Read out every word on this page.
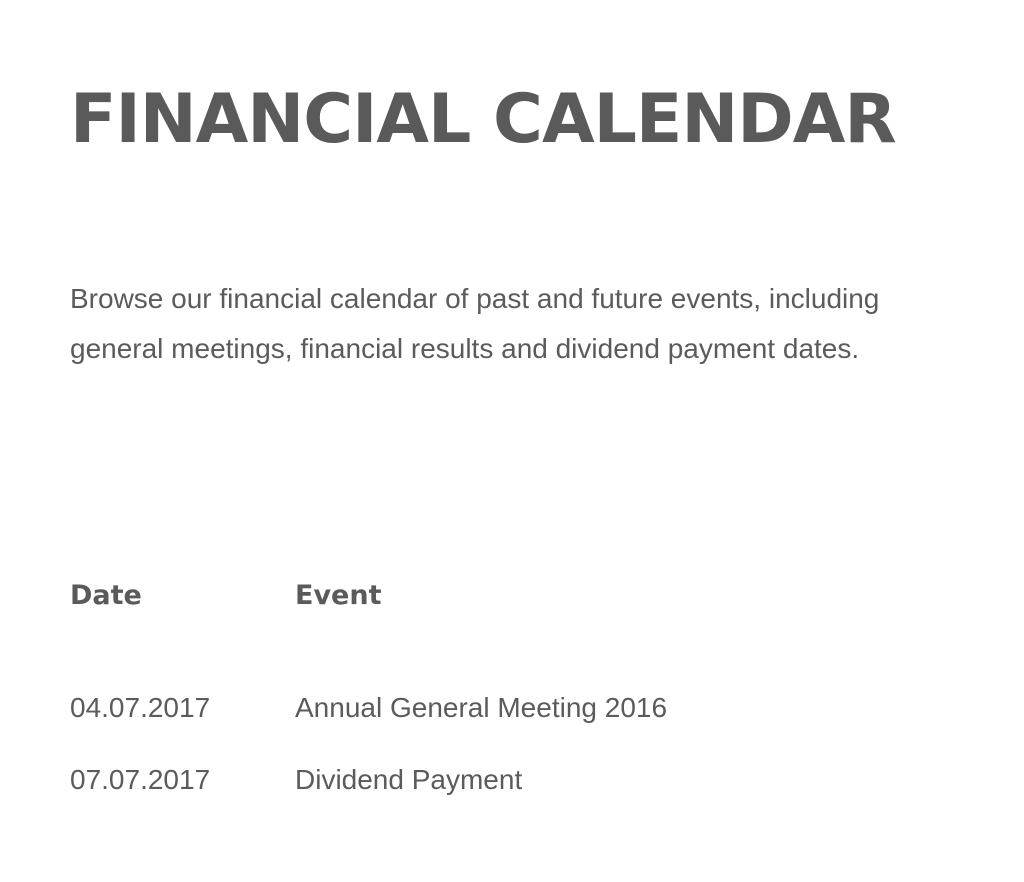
FINANCIAL CALENDAR

Browse our financial calendar of past and future events, including general meetings, financial results and dividend payment dates.

Date	Event

04.07.2017	Annual General Meeting 2016
07.07.2017	Dividend Payment
